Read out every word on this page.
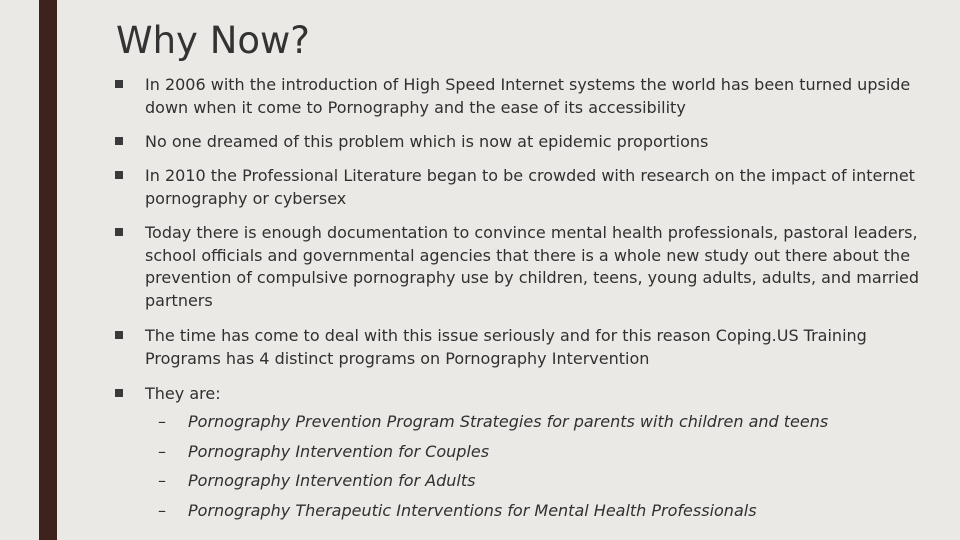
Why Now?
In 2006 with the introduction of High Speed Internet systems the world has been turned upside down when it come to Pornography and the ease of its accessibility
No one dreamed of this problem which is now at epidemic proportions
In 2010 the Professional Literature began to be crowded with research on the impact of internet pornography or cybersex
Today there is enough documentation to convince mental health professionals, pastoral leaders, school officials and governmental agencies that there is a whole new study out there about the prevention of compulsive pornography use by children, teens, young adults, adults, and married partners
The time has come to deal with this issue seriously and for this reason Coping.US Training Programs has 4 distinct programs on Pornography Intervention
They are:
– Pornography Prevention Program Strategies for parents with children and teens
– Pornography Intervention for Couples
– Pornography Intervention for Adults
– Pornography Therapeutic Interventions for Mental Health Professionals
